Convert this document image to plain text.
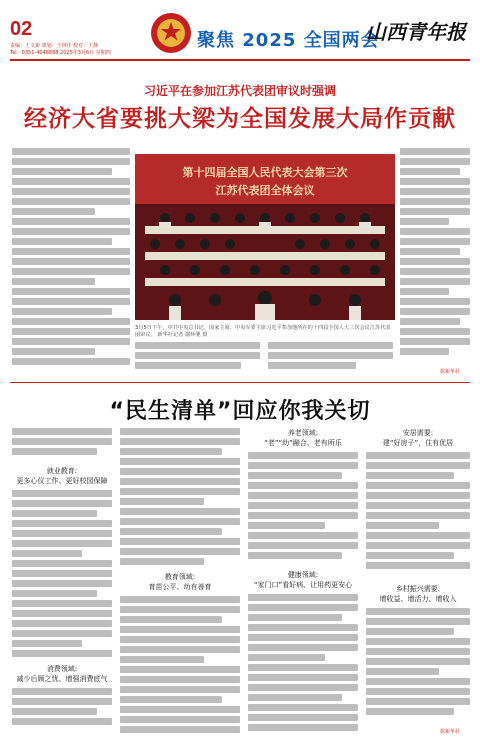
02
责编：王文新 策划：王林佳 校对：王静
Tel：0351-4048888 2025年3月6日 星期四
聚焦 2025 全国两会
山西青年报
习近平在参加江苏代表团审议时强调
经济大省要挑大梁为全国发展大局作贡献
第十四届全国人民代表大会第三次
江苏代表团全体会议
3月5日下午，中共中央总书记、国家主席、中央军委主席习近平参加他所在的十四届全国人大三次会议江苏代表团审议。 新华社记者 谢环驰 摄
据新华社
“民生清单”回应你我关切
就业教育:
更多心仪工作、更好校园保障
消费领域:
减少后顾之忧、增强消费底气
教育领域:
育苗公平、幼有善育
养老领域:
“老”“幼”融合、老有所乐
健康领域:
“家门口”看好病、让用药更安心
安居需要:
建“好房子”，住有优居
乡村振兴需要:
增收益、增活力、增收入
据新华社
